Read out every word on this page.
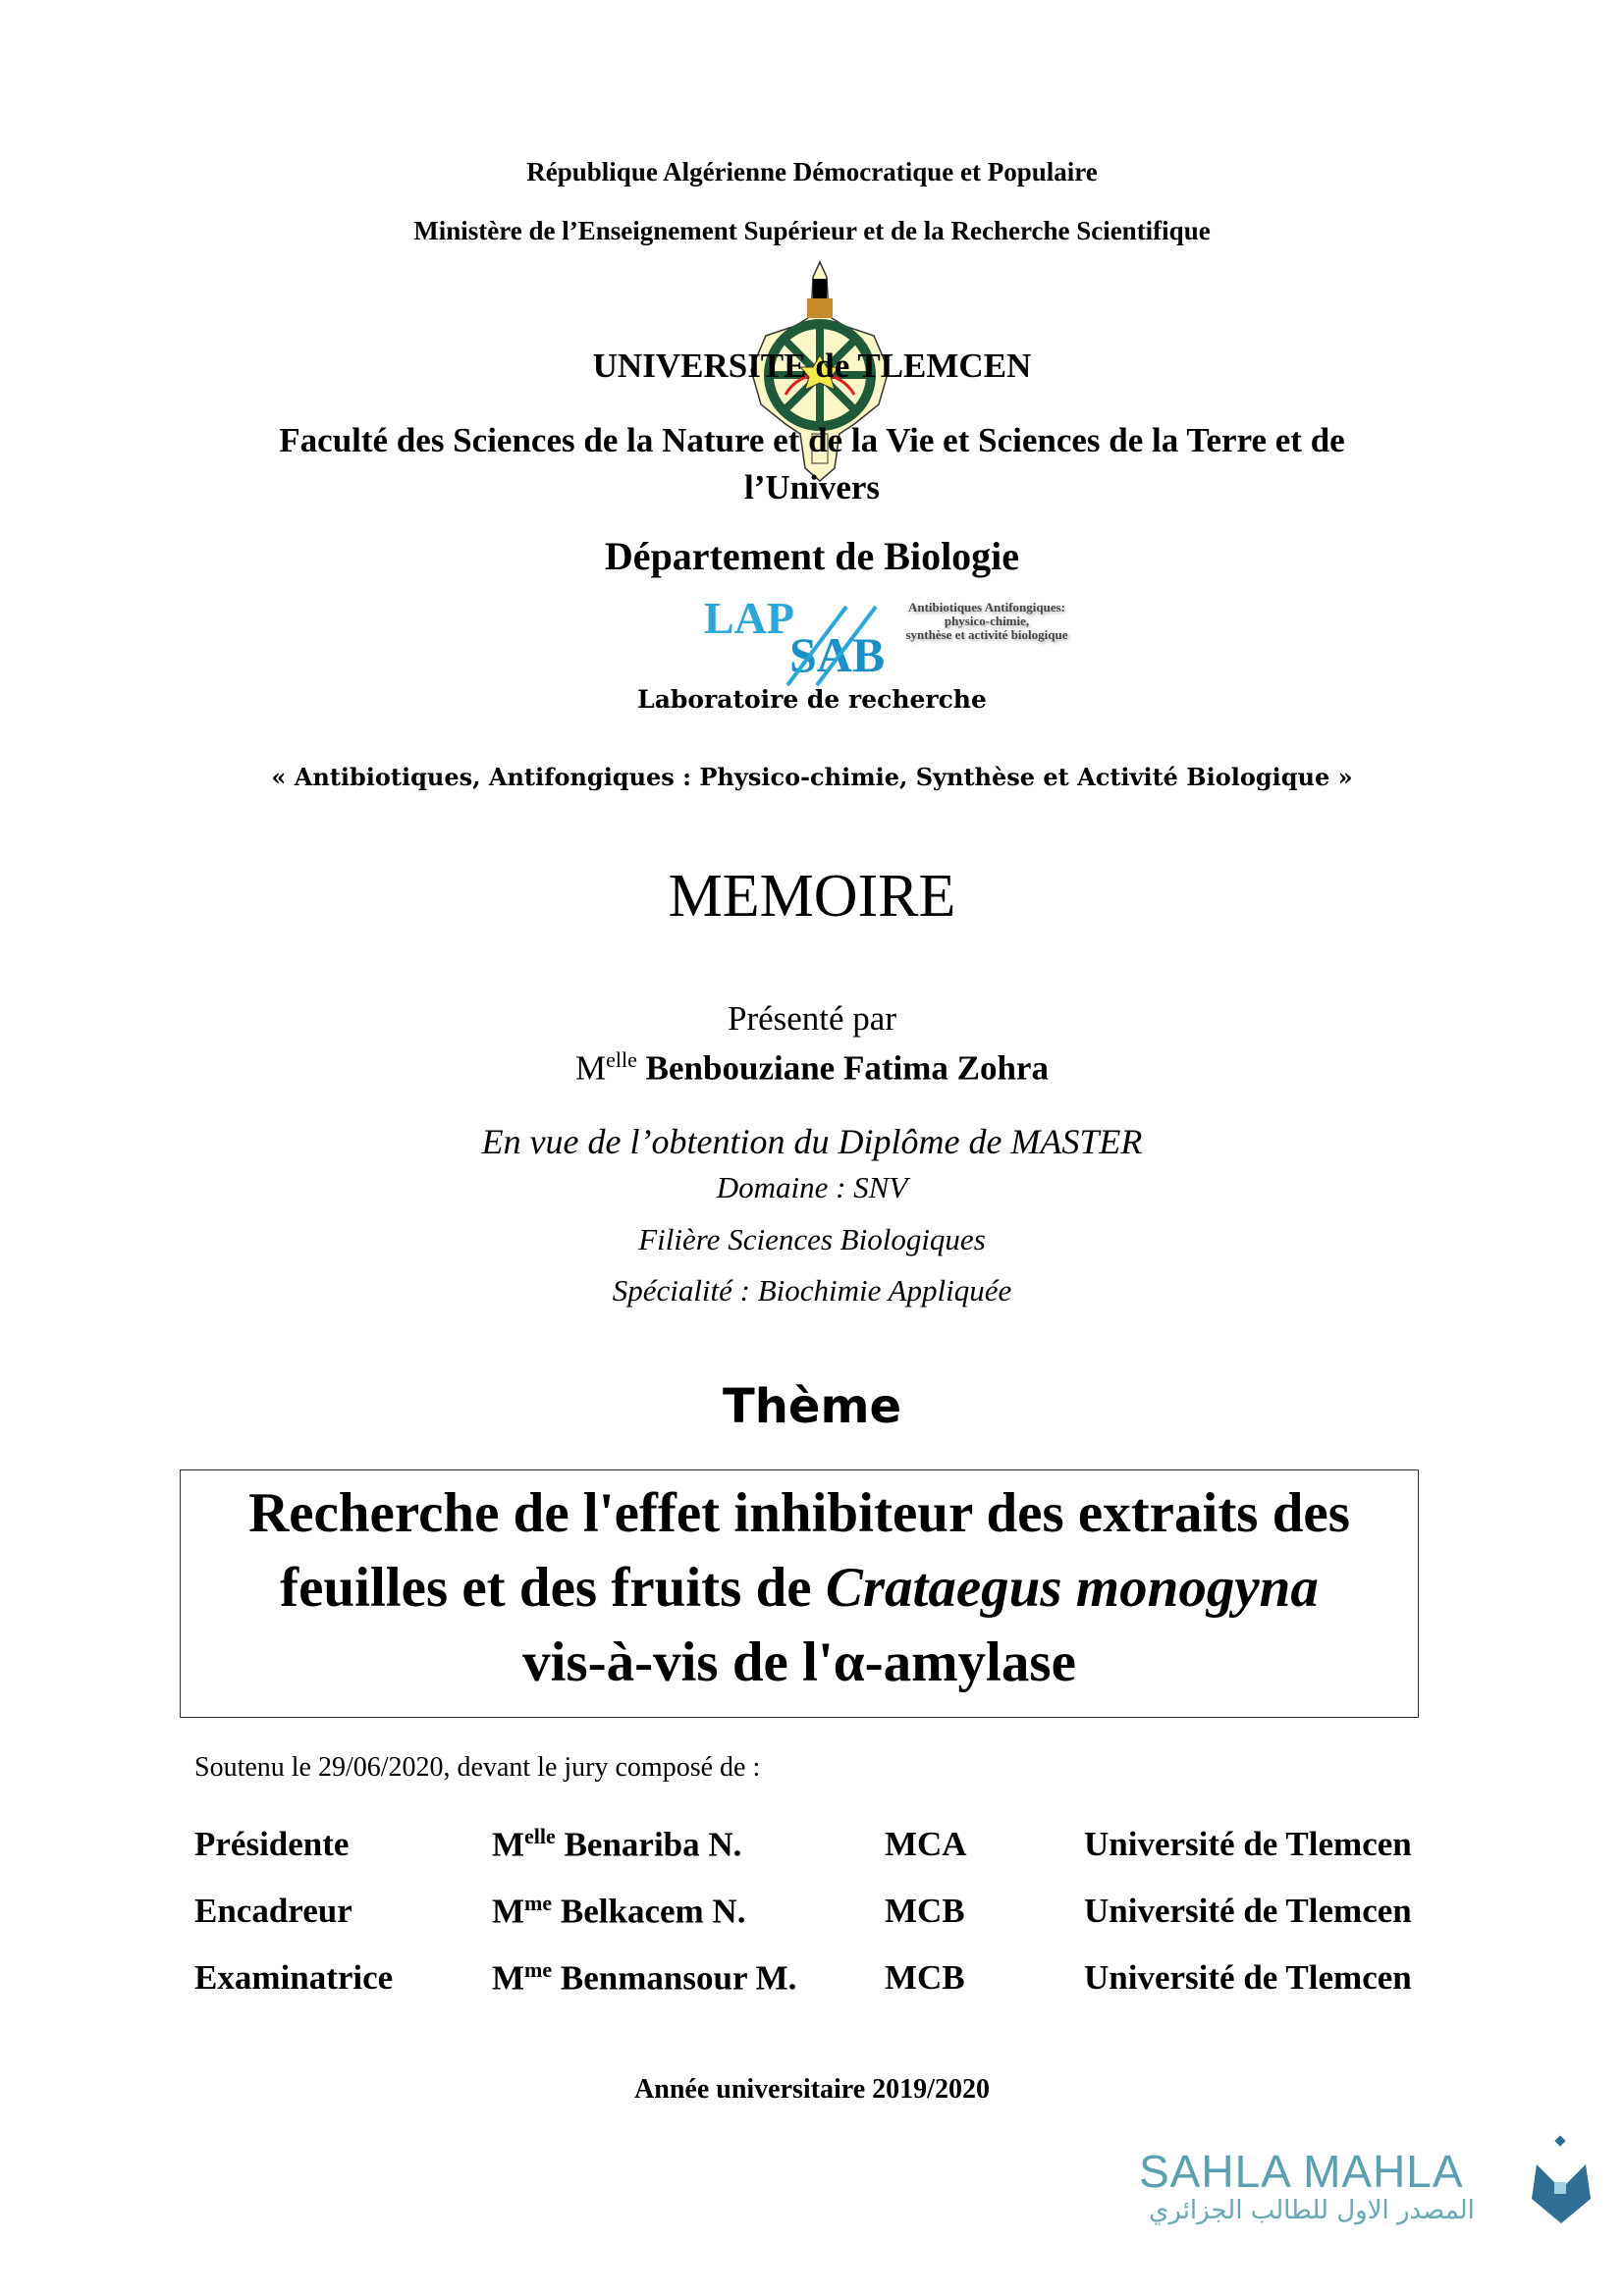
République Algérienne Démocratique et Populaire
Ministère de l’Enseignement Supérieur et de la Recherche Scientifique
UNIVERSITE de TLEMCEN
Faculté des Sciences de la Nature et de la Vie et Sciences de la Terre et de
l’Univers
Département de Biologie
LAP
SAB
Antibiotiques Antifongiques:
physico-chimie,
synthèse et activité biologique
Laboratoire de recherche
« Antibiotiques, Antifongiques : Physico-chimie, Synthèse et Activité Biologique »
MEMOIRE
Présenté par
$M^{elle}$ Benbouziane Fatima Zohra
En vue de l’obtention du Diplôme de MASTER
Domaine : SNV
Filière Sciences Biologiques
Spécialité : Biochimie Appliquée
Thème
Recherche de l'effet inhibiteur des extraits des
feuilles et des fruits de Crataegus monogyna
vis-à-vis de l'α-amylase
Soutenu le 29/06/2020, devant le jury composé de :
Présidente	$M^{elle}$ Benariba N.	MCA	Université de Tlemcen
Encadreur	$M^{me}$ Belkacem N.	MCB	Université de Tlemcen
Examinatrice	$M^{me}$ Benmansour M.	MCB	Université de Tlemcen
Année universitaire 2019/2020
SAHLA MAHLA
المصدر الاول للطالب الجزائري
